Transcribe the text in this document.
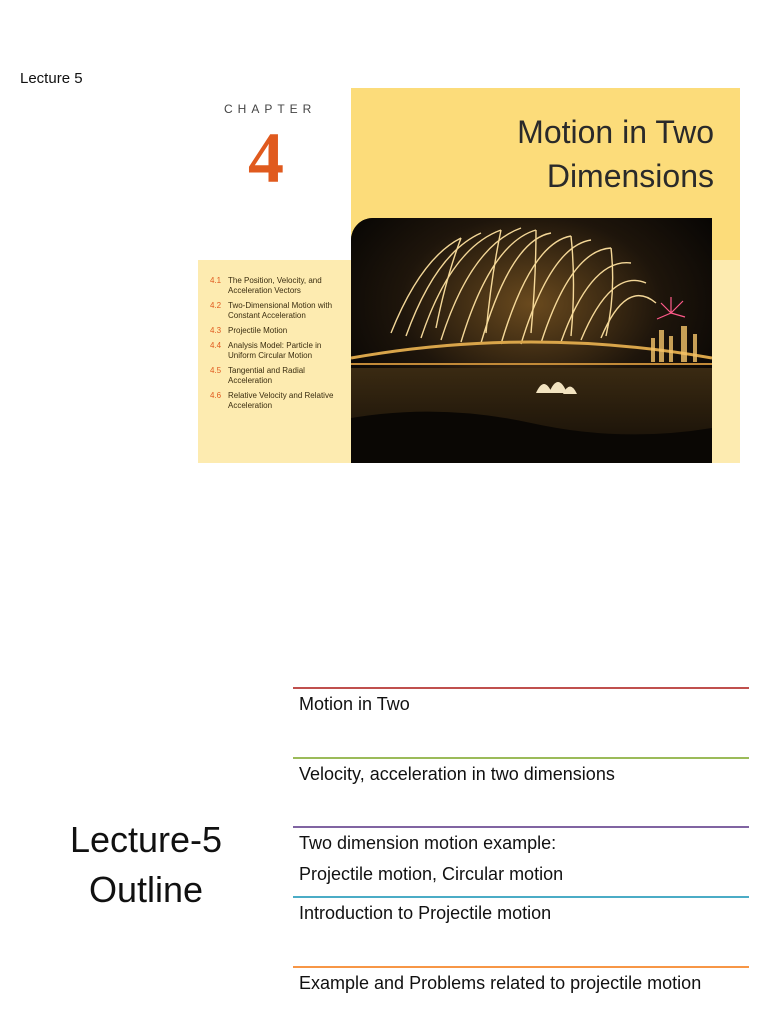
Lecture 5
CHAPTER
4
4.1 The Position, Velocity, and Acceleration Vectors
4.2 Two-Dimensional Motion with Constant Acceleration
4.3 Projectile Motion
4.4 Analysis Model: Particle in Uniform Circular Motion
4.5 Tangential and Radial Acceleration
4.6 Relative Velocity and Relative Acceleration
Motion in Two
Dimensions
Lecture-5
Outline
Motion in Two
Velocity, acceleration in two dimensions
Two dimension motion example:
Projectile motion, Circular motion
Introduction to Projectile motion
Example and Problems related to projectile motion
